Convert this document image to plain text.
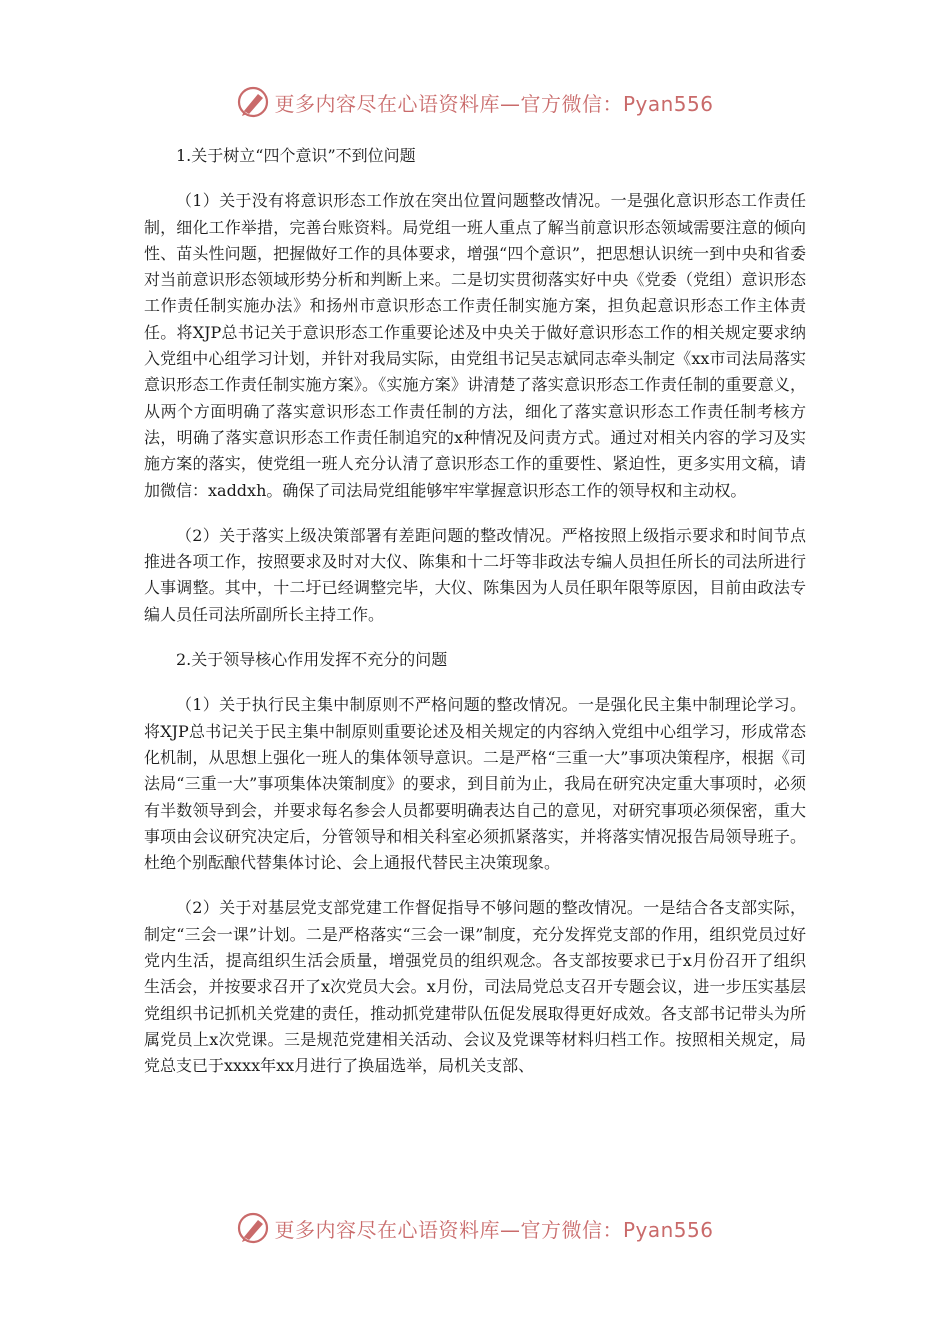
更多内容尽在心语资料库—官方微信：Pyan556

1.关于树立“四个意识”不到位问题

（1）关于没有将意识形态工作放在突出位置问题整改情况。一是强化意识形态工作责任制，细化工作举措，完善台账资料。局党组一班人重点了解当前意识形态领域需要注意的倾向性、苗头性问题，把握做好工作的具体要求，增强“四个意识”，把思想认识统一到中央和省委对当前意识形态领域形势分析和判断上来。二是切实贯彻落实好中央《党委（党组）意识形态工作责任制实施办法》和扬州市意识形态工作责任制实施方案，担负起意识形态工作主体责任。将XJP总书记关于意识形态工作重要论述及中央关于做好意识形态工作的相关规定要求纳入党组中心组学习计划，并针对我局实际，由党组书记吴志斌同志牵头制定《xx市司法局落实意识形态工作责任制实施方案》。《实施方案》讲清楚了落实意识形态工作责任制的重要意义，从两个方面明确了落实意识形态工作责任制的方法，细化了落实意识形态工作责任制考核方法，明确了落实意识形态工作责任制追究的x种情况及问责方式。通过对相关内容的学习及实施方案的落实，使党组一班人充分认清了意识形态工作的重要性、紧迫性，更多实用文稿，请加微信：xaddxh。确保了司法局党组能够牢牢掌握意识形态工作的领导权和主动权。

（2）关于落实上级决策部署有差距问题的整改情况。严格按照上级指示要求和时间节点推进各项工作，按照要求及时对大仪、陈集和十二圩等非政法专编人员担任所长的司法所进行人事调整。其中，十二圩已经调整完毕，大仪、陈集因为人员任职年限等原因，目前由政法专编人员任司法所副所长主持工作。

2.关于领导核心作用发挥不充分的问题

（1）关于执行民主集中制原则不严格问题的整改情况。一是强化民主集中制理论学习。将XJP总书记关于民主集中制原则重要论述及相关规定的内容纳入党组中心组学习，形成常态化机制，从思想上强化一班人的集体领导意识。二是严格“三重一大”事项决策程序，根据《司法局“三重一大”事项集体决策制度》的要求，到目前为止，我局在研究决定重大事项时，必须有半数领导到会，并要求每名参会人员都要明确表达自己的意见，对研究事项必须保密，重大事项由会议研究决定后，分管领导和相关科室必须抓紧落实，并将落实情况报告局领导班子。杜绝个别酝酿代替集体讨论、会上通报代替民主决策现象。

（2）关于对基层党支部党建工作督促指导不够问题的整改情况。一是结合各支部实际，制定“三会一课”计划。二是严格落实“三会一课”制度，充分发挥党支部的作用，组织党员过好党内生活，提高组织生活会质量，增强党员的组织观念。各支部按要求已于x月份召开了组织生活会，并按要求召开了x次党员大会。x月份，司法局党总支召开专题会议，进一步压实基层党组织书记抓机关党建的责任，推动抓党建带队伍促发展取得更好成效。各支部书记带头为所属党员上x次党课。三是规范党建相关活动、会议及党课等材料归档工作。按照相关规定，局党总支已于xxxx年xx月进行了换届选举，局机关支部、

更多内容尽在心语资料库—官方微信：Pyan556
